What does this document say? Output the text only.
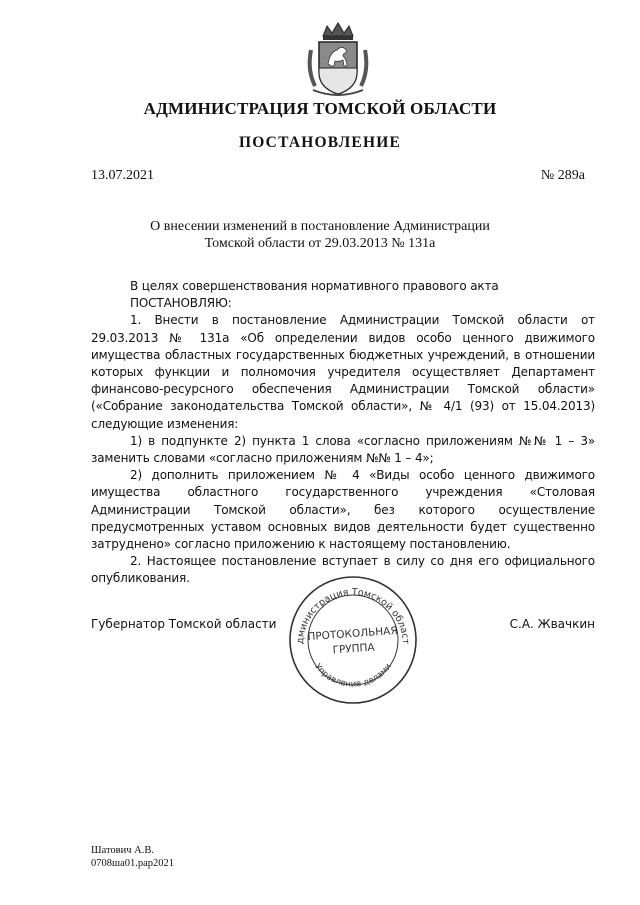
АДМИНИСТРАЦИЯ ТОМСКОЙ ОБЛАСТИ
ПОСТАНОВЛЕНИЕ
13.07.2021	№ 289а
О внесении изменений в постановление Администрации
Томской области от 29.03.2013 № 131а

В целях совершенствования нормативного правового акта

ПОСТАНОВЛЯЮ:

1. Внести в постановление Администрации Томской области от 29.03.2013 № 131а «Об определении видов особо ценного движимого имущества областных государственных бюджетных учреждений, в отношении которых функции и полномочия учредителя осуществляет Департамент финансово-ресурсного обеспечения Администрации Томской области» («Собрание законодательства Томской области», № 4/1 (93) от 15.04.2013) следующие изменения:

1) в подпункте 2) пункта 1 слова «согласно приложениям №№ 1 – 3» заменить словами «согласно приложениям №№ 1 – 4»;

2) дополнить приложением № 4 «Виды особо ценного движимого имущества областного государственного учреждения «Столовая Администрации Томской области», без которого осуществление предусмотренных уставом основных видов деятельности будет существенно затруднено» согласно приложению к настоящему постановлению.

2. Настоящее постановление вступает в силу со дня его официального опубликования.

Губернатор Томской области	С.А. Жвачкин
дминистрация Томской област
Управление делами
ПРОТОКОЛЬНАЯ
ГРУППА
Шатович А.В.
0708ша01.рар2021
